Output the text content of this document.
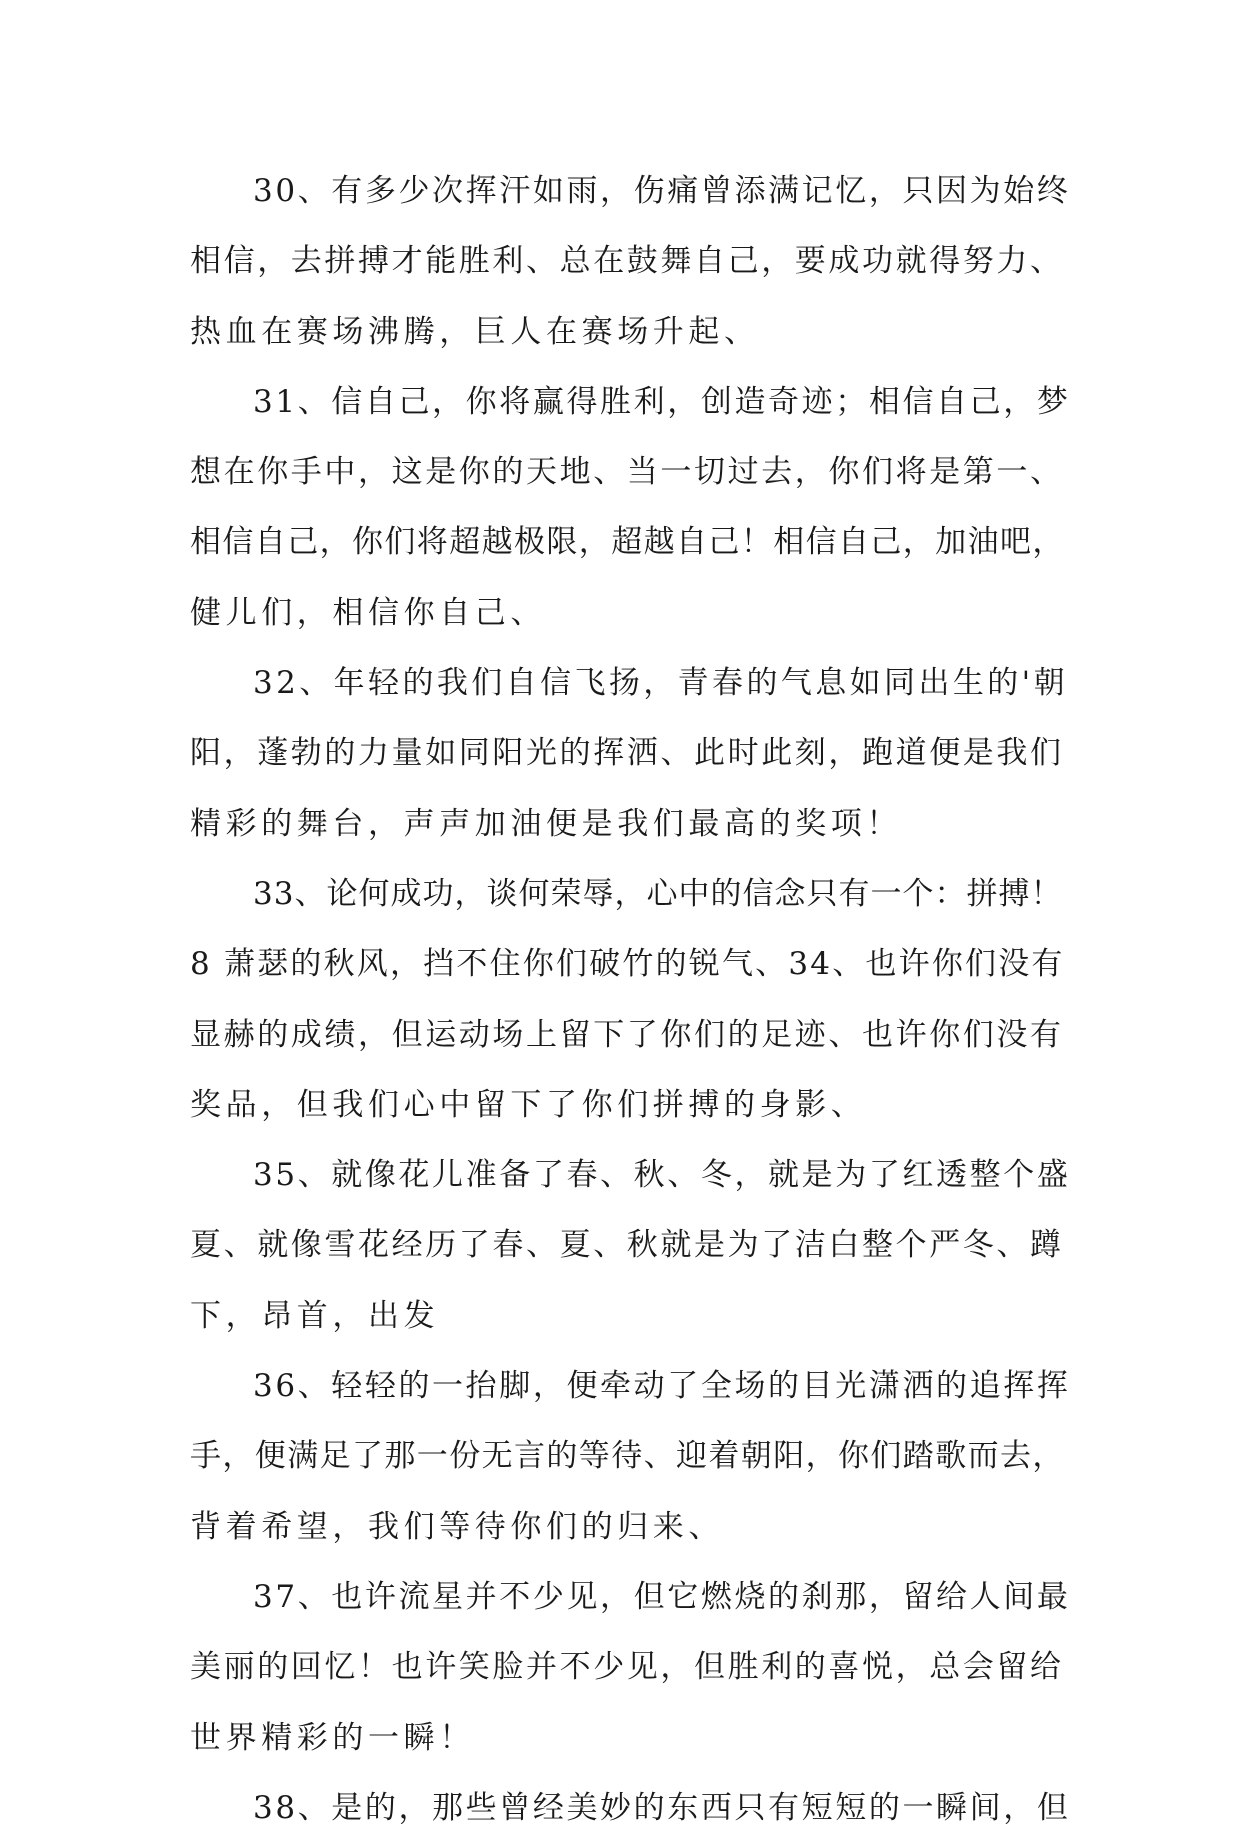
30、有多少次挥汗如雨，伤痛曾添满记忆，只因为始终
相信，去拼搏才能胜利、总在鼓舞自己，要成功就得努力、
热血在赛场沸腾，巨人在赛场升起、
31、信自己，你将赢得胜利，创造奇迹；相信自己，梦
想在你手中，这是你的天地、当一切过去，你们将是第一、
相信自己，你们将超越极限，超越自己！相信自己，加油吧，
健儿们，相信你自己、
32、年轻的我们自信飞扬，青春的气息如同出生的'朝
阳，蓬勃的力量如同阳光的挥洒、此时此刻，跑道便是我们
精彩的舞台，声声加油便是我们最高的奖项！
33、论何成功，谈何荣辱，心中的信念只有一个：拼搏！
8 萧瑟的秋风，挡不住你们破竹的锐气、34、也许你们没有
显赫的成绩，但运动场上留下了你们的足迹、也许你们没有
奖品，但我们心中留下了你们拼搏的身影、
35、就像花儿准备了春、秋、冬，就是为了红透整个盛
夏、就像雪花经历了春、夏、秋就是为了洁白整个严冬、蹲
下，昂首，出发
36、轻轻的一抬脚，便牵动了全场的目光潇洒的追挥挥
手，便满足了那一份无言的等待、迎着朝阳，你们踏歌而去，
背着希望，我们等待你们的归来、
37、也许流星并不少见，但它燃烧的刹那，留给人间最
美丽的回忆！也许笑脸并不少见，但胜利的喜悦，总会留给
世界精彩的一瞬！
38、是的，那些曾经美妙的东西只有短短的一瞬间，但
